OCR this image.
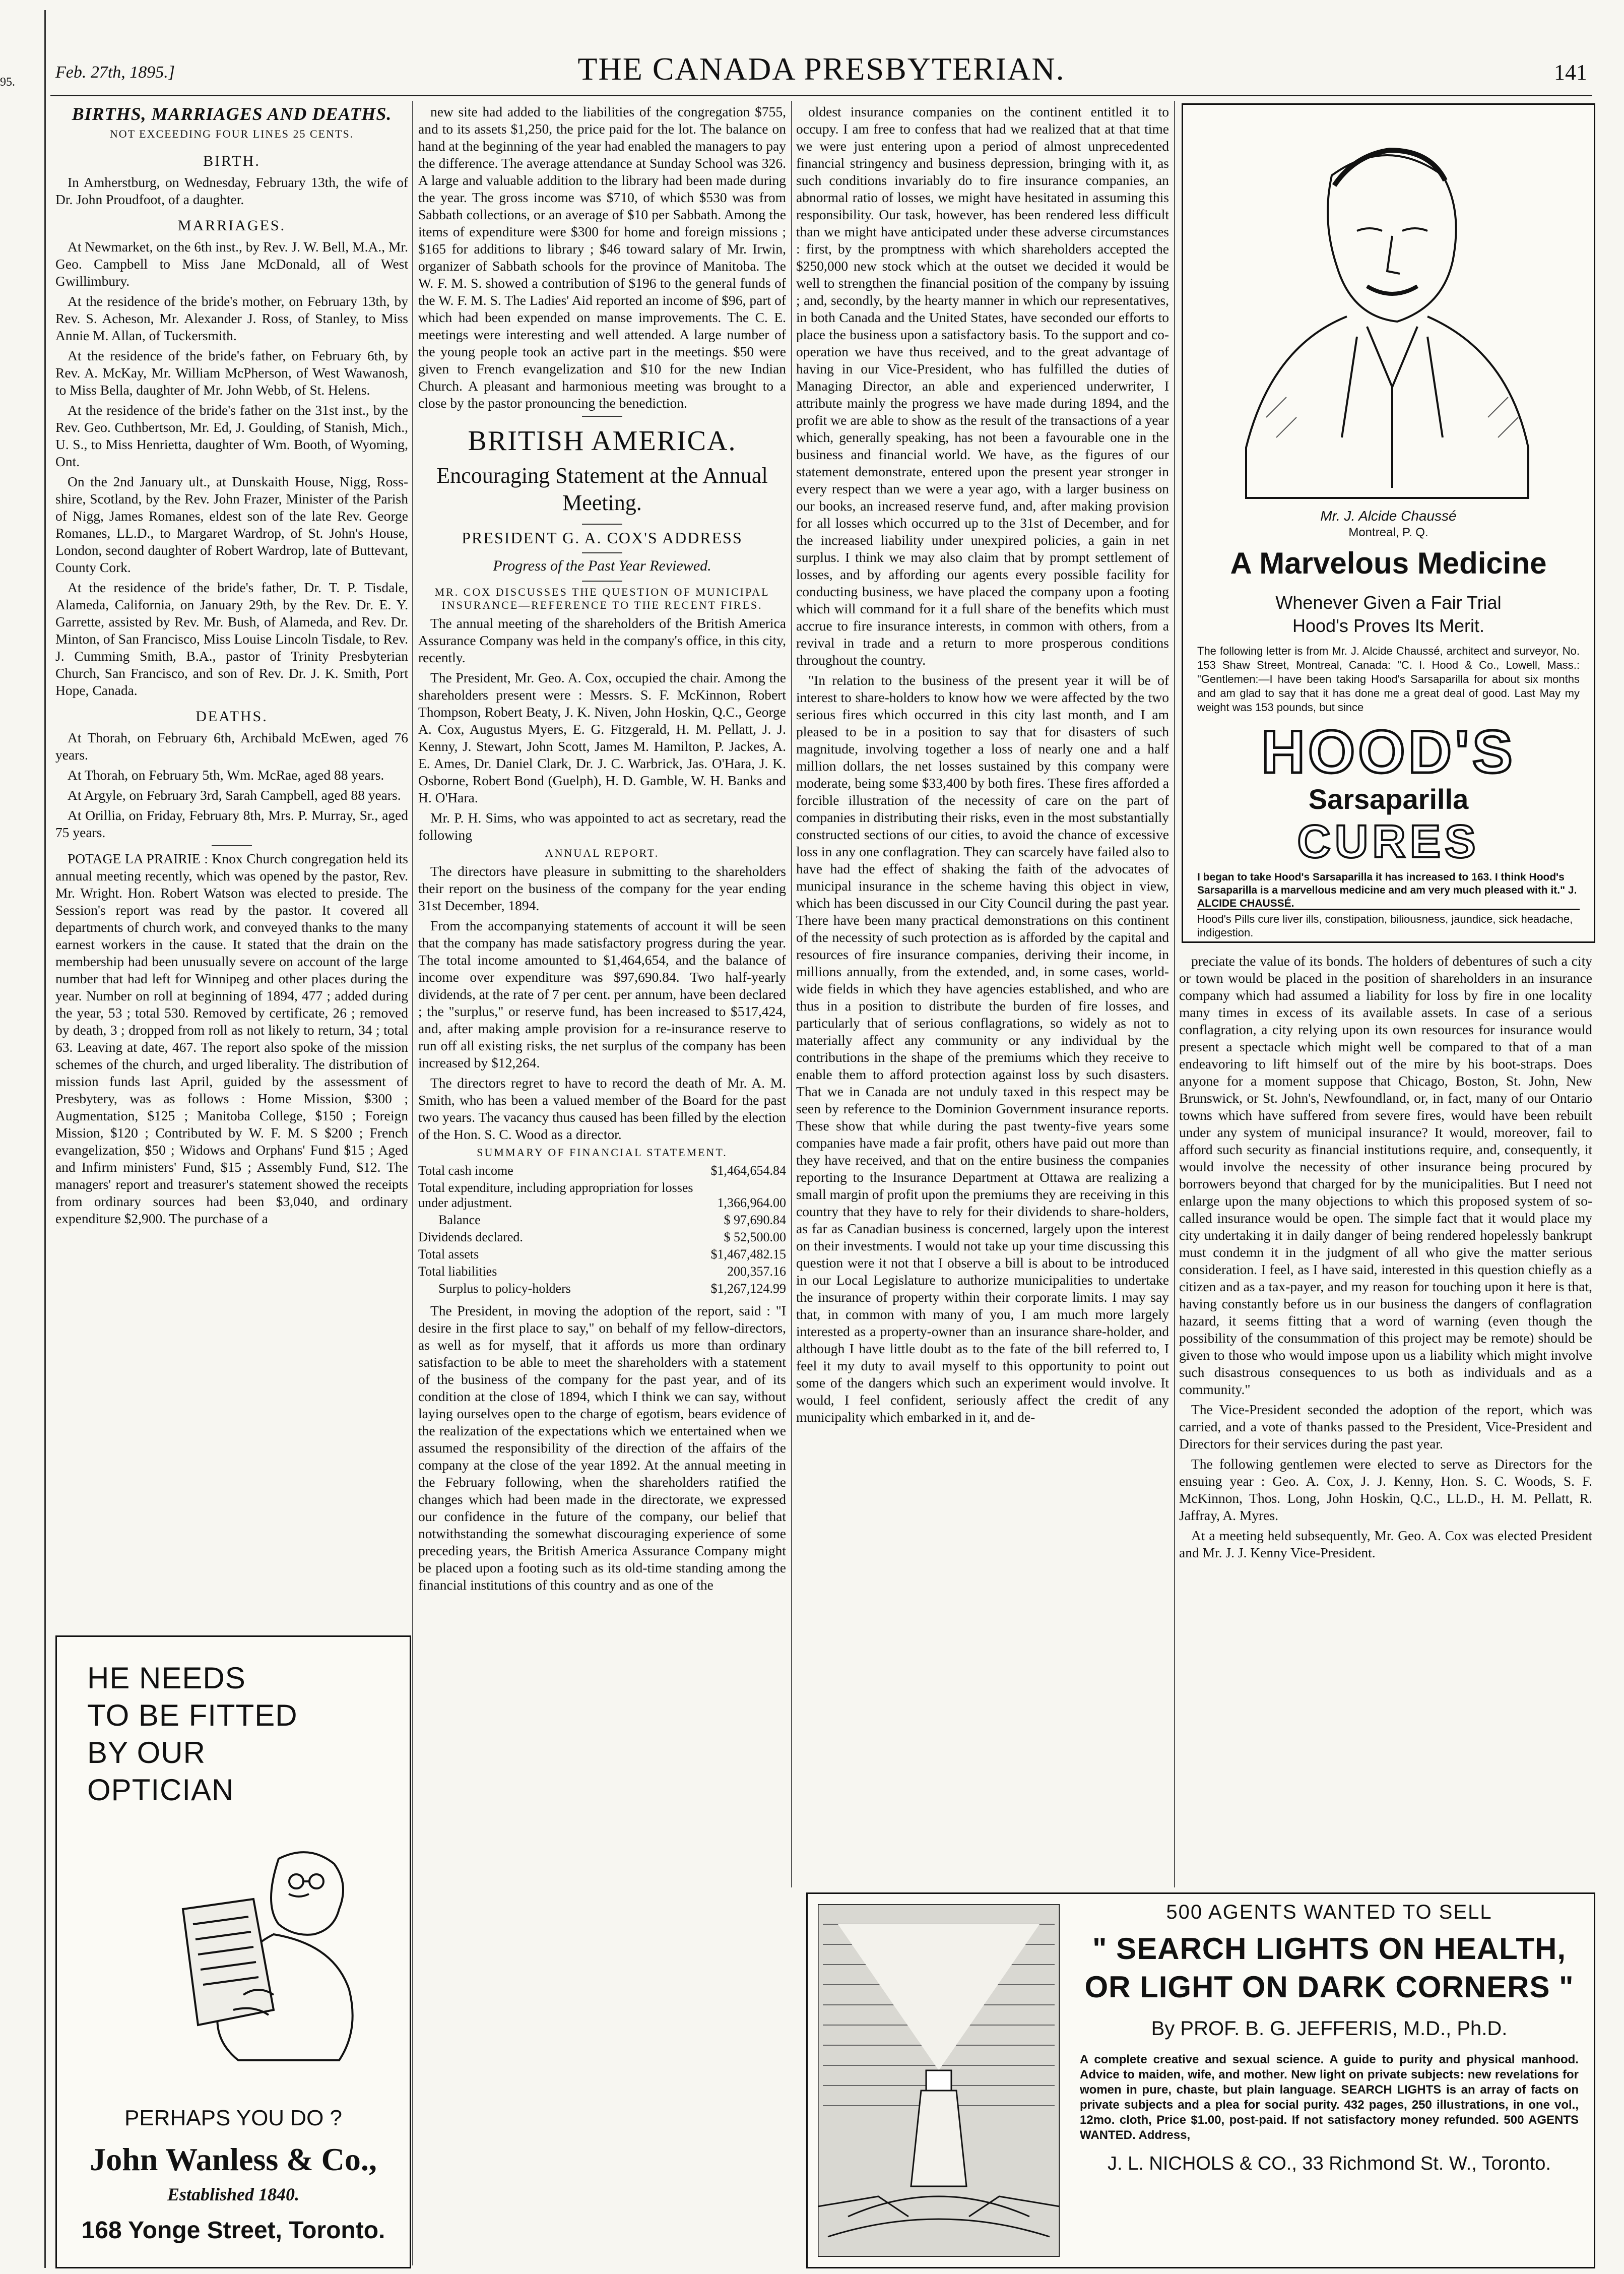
95.
Feb. 27th, 1895.]	THE CANADA PRESBYTERIAN.	141
BIRTHS, MARRIAGES AND DEATHS.
NOT EXCEEDING FOUR LINES 25 CENTS.
BIRTH.

In Amherstburg, on Wednesday, February 13th, the wife of Dr. John Proudfoot, of a daughter.

MARRIAGES.

At Newmarket, on the 6th inst., by Rev. J. W. Bell, M.A., Mr. Geo. Campbell to Miss Jane McDonald, all of West Gwillimbury.

At the residence of the bride's mother, on February 13th, by Rev. S. Acheson, Mr. Alexander J. Ross, of Stanley, to Miss Annie M. Allan, of Tuckersmith.

At the residence of the bride's father, on February 6th, by Rev. A. McKay, Mr. William McPherson, of West Wawanosh, to Miss Bella, daughter of Mr. John Webb, of St. Helens.

At the residence of the bride's father on the 31st inst., by the Rev. Geo. Cuthbertson, Mr. Ed, J. Goulding, of Stanish, Mich., U. S., to Miss Henrietta, daughter of Wm. Booth, of Wyoming, Ont.

On the 2nd January ult., at Dunskaith House, Nigg, Ross-shire, Scotland, by the Rev. John Frazer, Minister of the Parish of Nigg, James Romanes, eldest son of the late Rev. George Romanes, LL.D., to Margaret Wardrop, of St. John's House, London, second daughter of Robert Wardrop, late of Buttevant, County Cork.

At the residence of the bride's father, Dr. T. P. Tisdale, Alameda, California, on January 29th, by the Rev. Dr. E. Y. Garrette, assisted by Rev. Mr. Bush, of Alameda, and Rev. Dr. Minton, of San Francisco, Miss Louise Lincoln Tisdale, to Rev. J. Cumming Smith, B.A., pastor of Trinity Presbyterian Church, San Francisco, and son of Rev. Dr. J. K. Smith, Port Hope, Canada.

DEATHS.

At Thorah, on February 6th, Archibald McEwen, aged 76 years.

At Thorah, on February 5th, Wm. McRae, aged 88 years.

At Argyle, on February 3rd, Sarah Campbell, aged 88 years.

At Orillia, on Friday, February 8th, Mrs. P. Murray, Sr., aged 75 years.

POTAGE LA PRAIRIE : Knox Church congregation held its annual meeting recently, which was opened by the pastor, Rev. Mr. Wright. Hon. Robert Watson was elected to preside. The Session's report was read by the pastor. It covered all departments of church work, and conveyed thanks to the many earnest workers in the cause. It stated that the drain on the membership had been unusually severe on account of the large number that had left for Winnipeg and other places during the year. Number on roll at beginning of 1894, 477 ; added during the year, 53 ; total 530. Removed by certificate, 26 ; removed by death, 3 ; dropped from roll as not likely to return, 34 ; total 63. Leaving at date, 467. The report also spoke of the mission schemes of the church, and urged liberality. The distribution of mission funds last April, guided by the assessment of Presbytery, was as follows : Home Mission, $300 ; Augmentation, $125 ; Manitoba College, $150 ; Foreign Mission, $120 ; Contributed by W. F. M. S $200 ; French evangelization, $50 ; Widows and Orphans' Fund $15 ; Aged and Infirm ministers' Fund, $15 ; Assembly Fund, $12. The managers' report and treasurer's statement showed the receipts from ordinary sources had been $3,040, and ordinary expenditure $2,900. The purchase of a

HE NEEDS
TO BE FITTED
BY OUR
OPTICIAN
PERHAPS YOU DO ?
John Wanless & Co.,
Established 1840.
168 Yonge Street, Toronto.

new site had added to the liabilities of the congregation $755, and to its assets $1,250, the price paid for the lot. The balance on hand at the beginning of the year had enabled the managers to pay the difference. The average attendance at Sunday School was 326. A large and valuable addition to the library had been made during the year. The gross income was $710, of which $530 was from Sabbath collections, or an average of $10 per Sabbath. Among the items of expenditure were $300 for home and foreign missions ; $165 for additions to library ; $46 toward salary of Mr. Irwin, organizer of Sabbath schools for the province of Manitoba. The W. F. M. S. showed a contribution of $196 to the general funds of the W. F. M. S. The Ladies' Aid reported an income of $96, part of which had been expended on manse improvements. The C. E. meetings were interesting and well attended. A large number of the young people took an active part in the meetings. $50 were given to French evangelization and $10 for the new Indian Church. A pleasant and harmonious meeting was brought to a close by the pastor pronouncing the benediction.

BRITISH AMERICA.
Encouraging Statement at the Annual Meeting.
PRESIDENT G. A. COX'S ADDRESS
Progress of the Past Year Reviewed.
MR. COX DISCUSSES THE QUESTION OF MUNICIPAL INSURANCE—REFERENCE TO THE RECENT FIRES.

The annual meeting of the shareholders of the British America Assurance Company was held in the company's office, in this city, recently.

The President, Mr. Geo. A. Cox, occupied the chair. Among the shareholders present were : Messrs. S. F. McKinnon, Robert Thompson, Robert Beaty, J. K. Niven, John Hoskin, Q.C., George A. Cox, Augustus Myers, E. G. Fitzgerald, H. M. Pellatt, J. J. Kenny, J. Stewart, John Scott, James M. Hamilton, P. Jackes, A. E. Ames, Dr. Daniel Clark, Dr. J. C. Warbrick, Jas. O'Hara, J. K. Osborne, Robert Bond (Guelph), H. D. Gamble, W. H. Banks and H. O'Hara.

Mr. P. H. Sims, who was appointed to act as secretary, read the following

ANNUAL REPORT.

The directors have pleasure in submitting to the shareholders their report on the business of the company for the year ending 31st December, 1894.

From the accompanying statements of account it will be seen that the company has made satisfactory progress during the year. The total income amounted to $1,464,654, and the balance of income over expenditure was $97,690.84. Two half-yearly dividends, at the rate of 7 per cent. per annum, have been declared ; the "surplus," or reserve fund, has been increased to $517,424, and, after making ample provision for a re-insurance reserve to run off all existing risks, the net surplus of the company has been increased by $12,264.

The directors regret to have to record the death of Mr. A. M. Smith, who has been a valued member of the Board for the past two years. The vacancy thus caused has been filled by the election of the Hon. S. C. Wood as a director.

SUMMARY OF FINANCIAL STATEMENT.
Total cash income	$1,464,654.84
Total expenditure, including appropriation for losses under adjustment.	1,366,964.00
Balance	$ 97,690.84
Dividends declared.	$ 52,500.00
Total assets	$1,467,482.15
Total liabilities	200,357.16
Surplus to policy-holders	$1,267,124.99

The President, in moving the adoption of the report, said : "I desire in the first place to say," on behalf of my fellow-directors, as well as for myself, that it affords us more than ordinary satisfaction to be able to meet the shareholders with a statement of the business of the company for the past year, and of its condition at the close of 1894, which I think we can say, without laying ourselves open to the charge of egotism, bears evidence of the realization of the expectations which we entertained when we assumed the responsibility of the direction of the affairs of the company at the close of the year 1892. At the annual meeting in the February following, when the shareholders ratified the changes which had been made in the directorate, we expressed our confidence in the future of the company, our belief that notwithstanding the somewhat discouraging experience of some preceding years, the British America Assurance Company might be placed upon a footing such as its old-time standing among the financial institutions of this country and as one of the

oldest insurance companies on the continent entitled it to occupy. I am free to confess that had we realized that at that time we were just entering upon a period of almost unprecedented financial stringency and business depression, bringing with it, as such conditions invariably do to fire insurance companies, an abnormal ratio of losses, we might have hesitated in assuming this responsibility. Our task, however, has been rendered less difficult than we might have anticipated under these adverse circumstances : first, by the promptness with which shareholders accepted the $250,000 new stock which at the outset we decided it would be well to strengthen the financial position of the company by issuing ; and, secondly, by the hearty manner in which our representatives, in both Canada and the United States, have seconded our efforts to place the business upon a satisfactory basis. To the support and co-operation we have thus received, and to the great advantage of having in our Vice-President, who has fulfilled the duties of Managing Director, an able and experienced underwriter, I attribute mainly the progress we have made during 1894, and the profit we are able to show as the result of the transactions of a year which, generally speaking, has not been a favourable one in the business and financial world. We have, as the figures of our statement demonstrate, entered upon the present year stronger in every respect than we were a year ago, with a larger business on our books, an increased reserve fund, and, after making provision for all losses which occurred up to the 31st of December, and for the increased liability under unexpired policies, a gain in net surplus. I think we may also claim that by prompt settlement of losses, and by affording our agents every possible facility for conducting business, we have placed the company upon a footing which will command for it a full share of the benefits which must accrue to fire insurance interests, in common with others, from a revival in trade and a return to more prosperous conditions throughout the country.

"In relation to the business of the present year it will be of interest to share-holders to know how we were affected by the two serious fires which occurred in this city last month, and I am pleased to be in a position to say that for disasters of such magnitude, involving together a loss of nearly one and a half million dollars, the net losses sustained by this company were moderate, being some $33,400 by both fires. These fires afforded a forcible illustration of the necessity of care on the part of companies in distributing their risks, even in the most substantially constructed sections of our cities, to avoid the chance of excessive loss in any one conflagration. They can scarcely have failed also to have had the effect of shaking the faith of the advocates of municipal insurance in the scheme having this object in view, which has been discussed in our City Council during the past year. There have been many practical demonstrations on this continent of the necessity of such protection as is afforded by the capital and resources of fire insurance companies, deriving their income, in millions annually, from the extended, and, in some cases, world-wide fields in which they have agencies established, and who are thus in a position to distribute the burden of fire losses, and particularly that of serious conflagrations, so widely as not to materially affect any community or any individual by the contributions in the shape of the premiums which they receive to enable them to afford protection against loss by such disasters. That we in Canada are not unduly taxed in this respect may be seen by reference to the Dominion Government insurance reports. These show that while during the past twenty-five years some companies have made a fair profit, others have paid out more than they have received, and that on the entire business the companies reporting to the Insurance Department at Ottawa are realizing a small margin of profit upon the premiums they are receiving in this country that they have to rely for their dividends to share-holders, as far as Canadian business is concerned, largely upon the interest on their investments. I would not take up your time discussing this question were it not that I observe a bill is about to be introduced in our Local Legislature to authorize municipalities to undertake the insurance of property within their corporate limits. I may say that, in common with many of you, I am much more largely interested as a property-owner than an insurance share-holder, and although I have little doubt as to the fate of the bill referred to, I feel it my duty to avail myself to this opportunity to point out some of the dangers which such an experiment would involve. It would, I feel confident, seriously affect the credit of any municipality which embarked in it, and de-

Mr. J. Alcide Chaussé
Montreal, P. Q.
A Marvelous Medicine
Whenever Given a Fair Trial
Hood's Proves Its Merit.
The following letter is from Mr. J. Alcide Chaussé, architect and surveyor, No. 153 Shaw Street, Montreal, Canada: "C. I. Hood & Co., Lowell, Mass.: "Gentlemen:—I have been taking Hood's Sarsaparilla for about six months and am glad to say that it has done me a great deal of good. Last May my weight was 153 pounds, but since
HOOD'S
Sarsaparilla
CURES
I began to take Hood's Sarsaparilla it has increased to 163. I think Hood's Sarsaparilla is a marvellous medicine and am very much pleased with it." J. ALCIDE CHAUSSÉ.
Hood's Pills cure liver ills, constipation, biliousness, jaundice, sick headache, indigestion.

preciate the value of its bonds. The holders of debentures of such a city or town would be placed in the position of shareholders in an insurance company which had assumed a liability for loss by fire in one locality many times in excess of its available assets. In case of a serious conflagration, a city relying upon its own resources for insurance would present a spectacle which might well be compared to that of a man endeavoring to lift himself out of the mire by his boot-straps. Does anyone for a moment suppose that Chicago, Boston, St. John, New Brunswick, or St. John's, Newfoundland, or, in fact, many of our Ontario towns which have suffered from severe fires, would have been rebuilt under any system of municipal insurance? It would, moreover, fail to afford such security as financial institutions require, and, consequently, it would involve the necessity of other insurance being procured by borrowers beyond that charged for by the municipalities. But I need not enlarge upon the many objections to which this proposed system of so-called insurance would be open. The simple fact that it would place my city undertaking it in daily danger of being rendered hopelessly bankrupt must condemn it in the judgment of all who give the matter serious consideration. I feel, as I have said, interested in this question chiefly as a citizen and as a tax-payer, and my reason for touching upon it here is that, having constantly before us in our business the dangers of conflagration hazard, it seems fitting that a word of warning (even though the possibility of the consummation of this project may be remote) should be given to those who would impose upon us a liability which might involve such disastrous consequences to us both as individuals and as a community."

The Vice-President seconded the adoption of the report, which was carried, and a vote of thanks passed to the President, Vice-President and Directors for their services during the past year.

The following gentlemen were elected to serve as Directors for the ensuing year : Geo. A. Cox, J. J. Kenny, Hon. S. C. Woods, S. F. McKinnon, Thos. Long, John Hoskin, Q.C., LL.D., H. M. Pellatt, R. Jaffray, A. Myres.

At a meeting held subsequently, Mr. Geo. A. Cox was elected President and Mr. J. J. Kenny Vice-President.

500 AGENTS WANTED TO SELL
" SEARCH LIGHTS ON HEALTH, OR LIGHT ON DARK CORNERS "
By PROF. B. G. JEFFERIS, M.D., Ph.D.
A complete creative and sexual science. A guide to purity and physical manhood. Advice to maiden, wife, and mother. New light on private subjects: new revelations for women in pure, chaste, but plain language. SEARCH LIGHTS is an array of facts on private subjects and a plea for social purity. 432 pages, 250 illustrations, in one vol., 12mo. cloth, Price $1.00, post-paid. If not satisfactory money refunded. 500 AGENTS WANTED. Address,
J. L. NICHOLS & CO., 33 Richmond St. W., Toronto.
